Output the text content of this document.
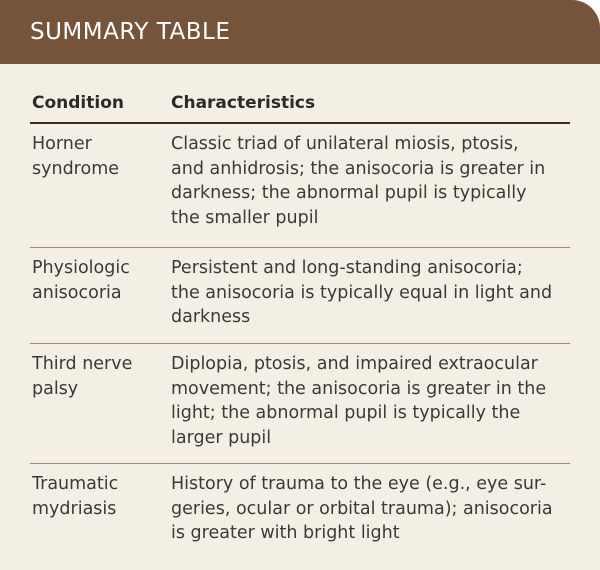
SUMMARY TABLE
Condition	Characteristics
Horner
syndrome
Classic triad of unilateral miosis, ptosis,
and anhidrosis; the anisocoria is greater in
darkness; the abnormal pupil is typically
the smaller pupil
Physiologic
anisocoria
Persistent and long-standing anisocoria;
the anisocoria is typically equal in light and
darkness
Third nerve
palsy
Diplopia, ptosis, and impaired extraocular
movement; the anisocoria is greater in the
light; the abnormal pupil is typically the
larger pupil
Traumatic
mydriasis
History of trauma to the eye (e.g., eye sur-
geries, ocular or orbital trauma); anisocoria
is greater with bright light
